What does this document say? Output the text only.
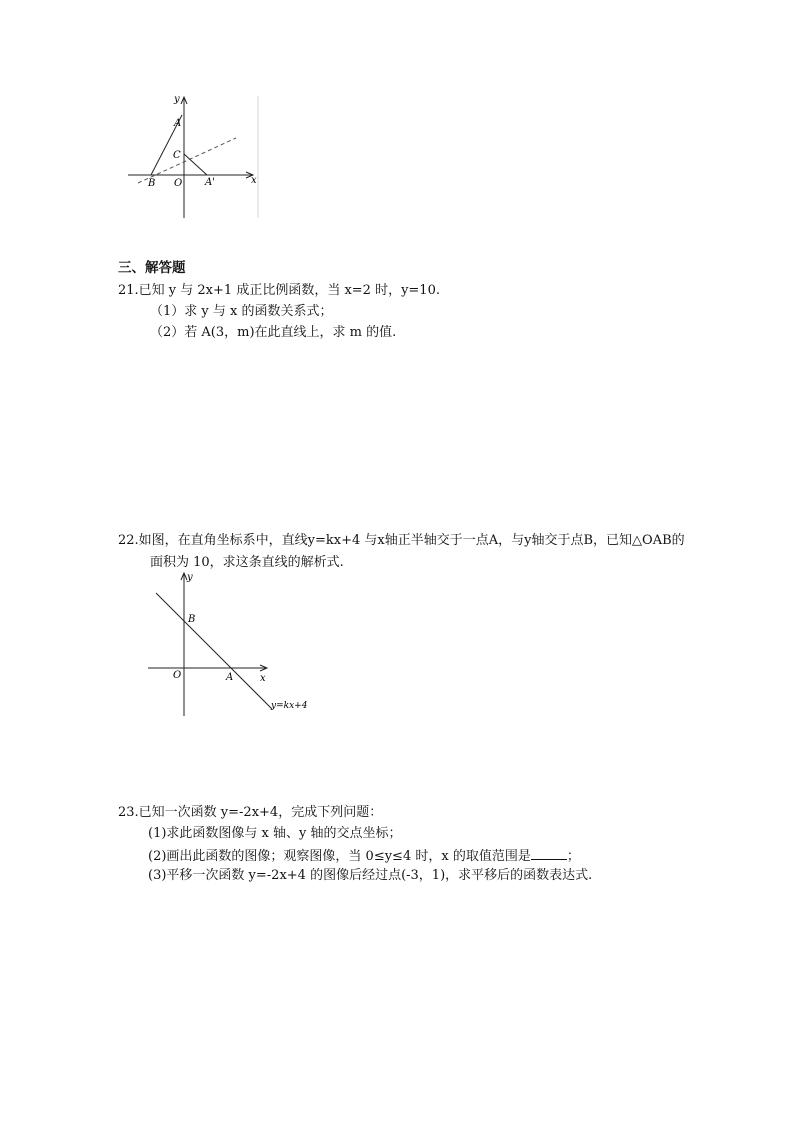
y
x
A
C
B O A'
三、解答题
21.已知 y 与 2x+1 成正比例函数，当 x=2 时，y=10.
（1）求 y 与 x 的函数关系式；
（2）若 A(3，m)在此直线上，求 m 的值.
22.如图，在直角坐标系中，直线y=kx+4 与x轴正半轴交于一点A，与y轴交于点B，已知△OAB的
面积为 10，求这条直线的解析式.
y
x
B
O	A
y=kx+4
23.已知一次函数 y=-2x+4，完成下列问题：
(1)求此函数图像与 x 轴、y 轴的交点坐标；
(2)画出此函数的图像；观察图像，当 0≤y≤4 时，x 的取值范围是	；
(3)平移一次函数 y=-2x+4 的图像后经过点(-3，1)，求平移后的函数表达式.
